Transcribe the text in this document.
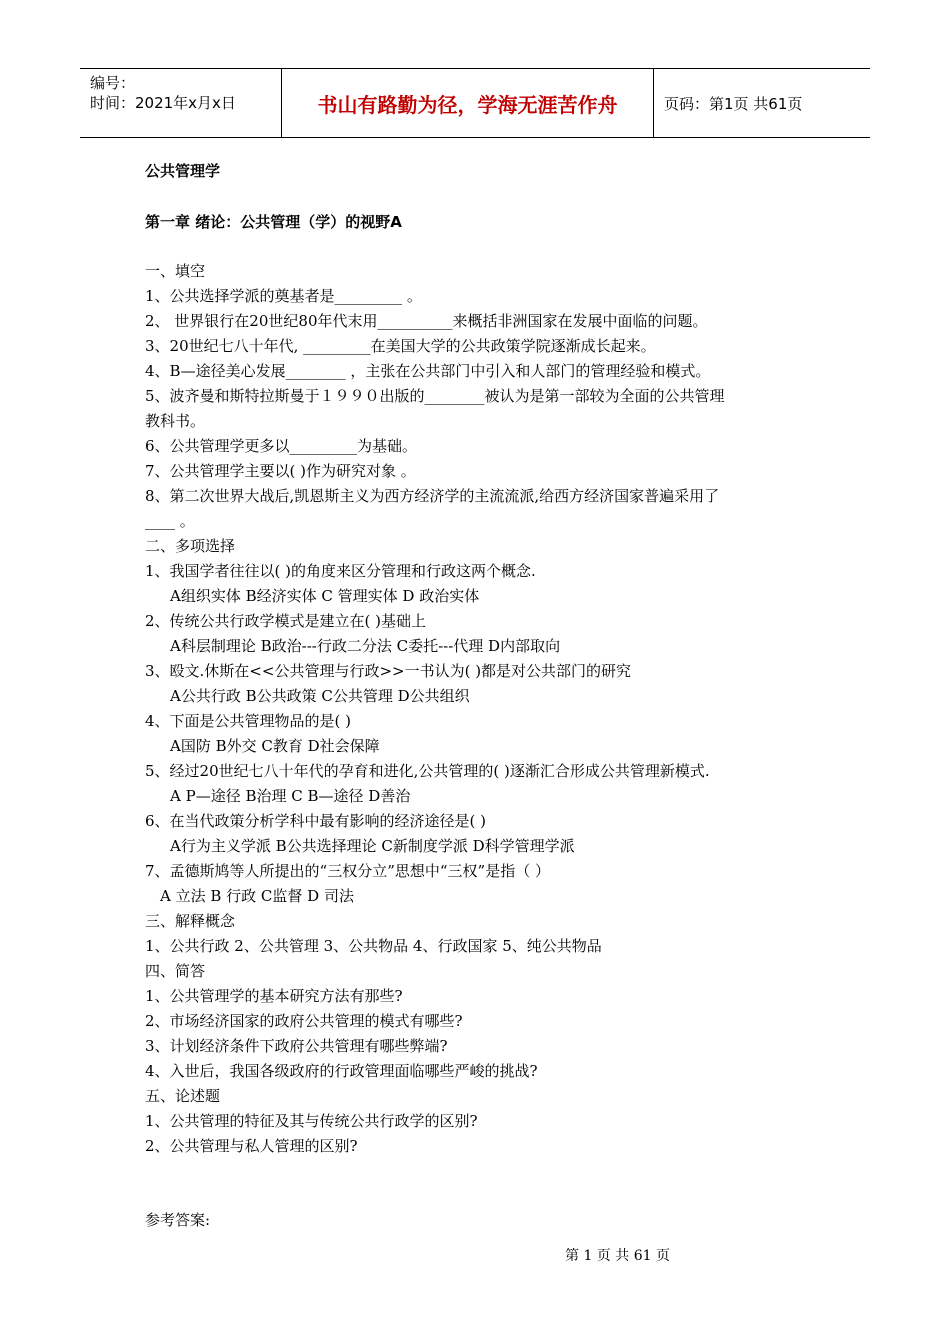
编号：
时间：2021年x月x日	书山有路勤为径，学海无涯苦作舟	页码：第1页 共61页
公共管理学
第一章 绪论：公共管理（学）的视野A
一、填空
1、公共选择学派的奠基者是_________ 。
2、 世界银行在20世纪80年代末用__________来概括非洲国家在发展中面临的问题。
3、20世纪七八十年代, _________在美国大学的公共政策学院逐渐成长起来。
4、B—途径美心发展________ ，主张在公共部门中引入和人部门的管理经验和模式。
5、波齐曼和斯特拉斯曼于１９９０出版的________被认为是第一部较为全面的公共管理
教科书。
6、公共管理学更多以_________为基础。
7、公共管理学主要以( )作为研究对象 。
8、第二次世界大战后,凯恩斯主义为西方经济学的主流流派,给西方经济国家普遍采用了
____ 。
二、多项选择
1、我国学者往往以( )的角度来区分管理和行政这两个概念.
A组织实体 B经济实体 C 管理实体 D 政治实体
2、传统公共行政学模式是建立在( )基础上
A科层制理论 B政治---行政二分法 C委托---代理 D内部取向
3、殴文.休斯在<<公共管理与行政>>一书认为( )都是对公共部门的研究
A公共行政 B公共政策 C公共管理 D公共组织
4、下面是公共管理物品的是( )
A国防 B外交 C教育 D社会保障
5、经过20世纪七八十年代的孕育和进化,公共管理的( )逐渐汇合形成公共管理新模式.
A P—途径 B治理 C B—途径 D善治
6、在当代政策分析学科中最有影响的经济途径是( )
A行为主义学派 B公共选择理论 C新制度学派 D科学管理学派
7、孟德斯鸠等人所提出的“三权分立”思想中“三权”是指（ ）
A 立法 B 行政 C监督 D 司法
三、解释概念
1、公共行政 2、公共管理 3、公共物品 4、行政国家 5、纯公共物品
四、简答
1、公共管理学的基本研究方法有那些?
2、市场经济国家的政府公共管理的模式有哪些?
3、计划经济条件下政府公共管理有哪些弊端?
4、入世后，我国各级政府的行政管理面临哪些严峻的挑战?
五、论述题
1、公共管理的特征及其与传统公共行政学的区别?
2、公共管理与私人管理的区别?
参考答案:
第 1 页 共 61 页
